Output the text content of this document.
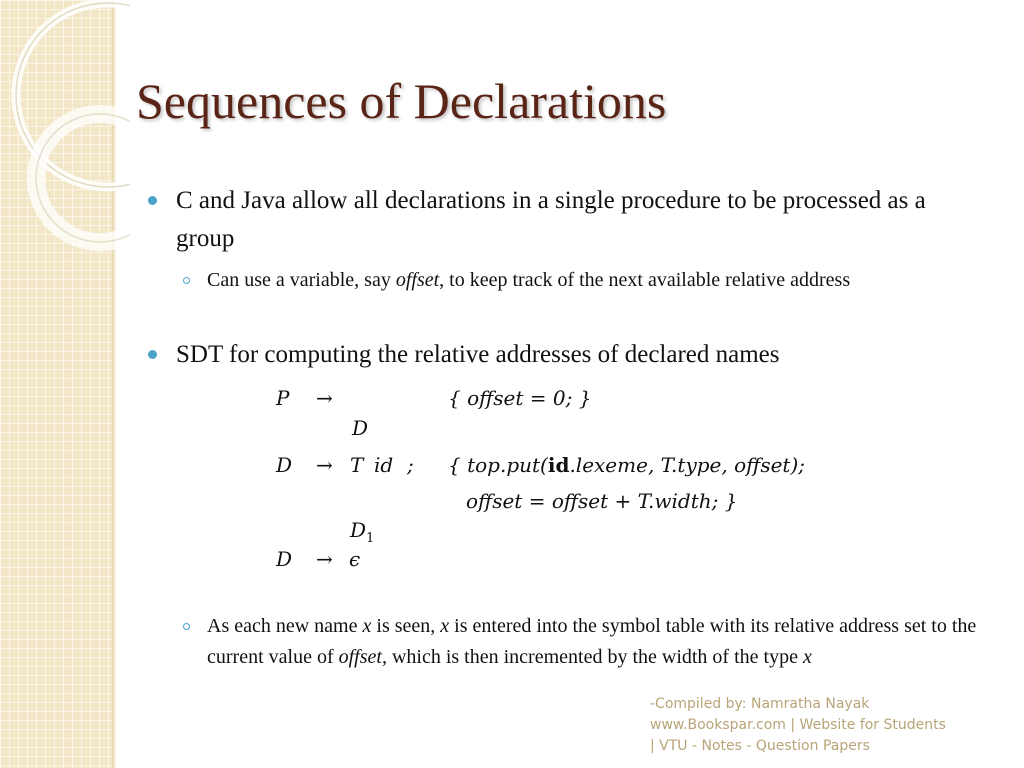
Sequences of Declarations
C and Java allow all declarations in a single procedure to be processed as a group
Can use a variable, say offset, to keep track of the next available relative address
SDT for computing the relative addresses of declared names
P →	{ offset = 0; }
D
D → T id ; { top.put(id.lexeme, T.type, offset);
offset = offset + T.width; }
$D_1$
D → ϵ
As each new name x is seen, x is entered into the symbol table with its relative address set to the current value of offset, which is then incremented by the width of the type x
-Compiled by: Namratha Nayak
www.Bookspar.com | Website for Students
| VTU - Notes - Question Papers
